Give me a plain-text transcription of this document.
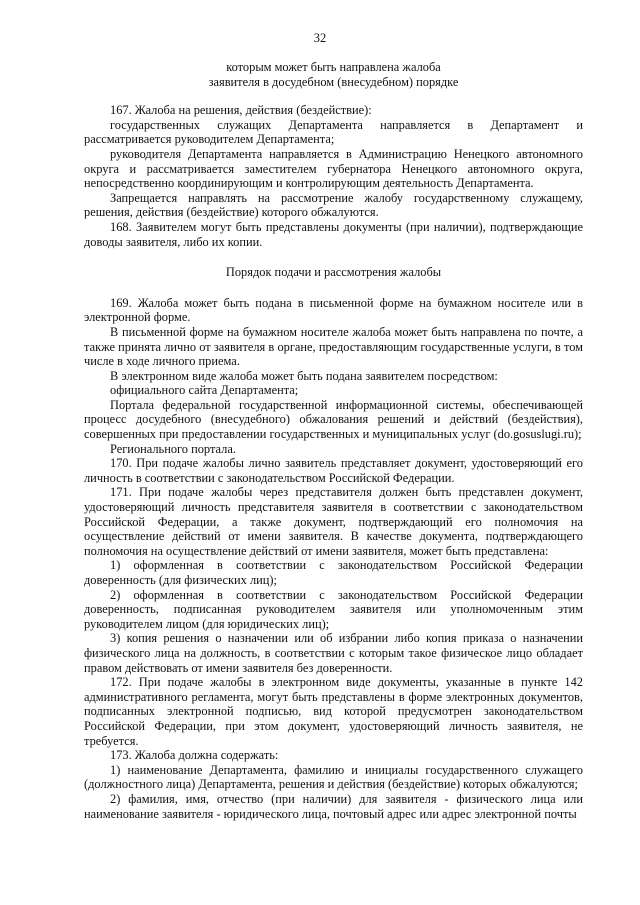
32
которым может быть направлена жалоба
заявителя в досудебном (внесудебном) порядке

167. Жалоба на решения, действия (бездействие):

государственных служащих Департамента направляется в Департамент и рассматривается руководителем Департамента;

руководителя Департамента направляется в Администрацию Ненецкого автономного округа и рассматривается заместителем губернатора Ненецкого автономного округа, непосредственно координирующим и контролирующим деятельность Департамента.

Запрещается направлять на рассмотрение жалобу государственному служащему, решения, действия (бездействие) которого обжалуются.

168. Заявителем могут быть представлены документы (при наличии), подтверждающие доводы заявителя, либо их копии.

Порядок подачи и рассмотрения жалобы

169. Жалоба может быть подана в письменной форме на бумажном носителе или в электронной форме.

В письменной форме на бумажном носителе жалоба может быть направлена по почте, а также принята лично от заявителя в органе, предоставляющим государственные услуги, в том числе в ходе личного приема.

В электронном виде жалоба может быть подана заявителем посредством:

официального сайта Департамента;

Портала федеральной государственной информационной системы, обеспечивающей процесс досудебного (внесудебного) обжалования решений и действий (бездействия), совершенных при предоставлении государственных и муниципальных услуг (do.gosuslugi.ru);

Регионального портала.

170. При подаче жалобы лично заявитель представляет документ, удостоверяющий его личность в соответствии с законодательством Российской Федерации.

171. При подаче жалобы через представителя должен быть представлен документ, удостоверяющий личность представителя заявителя в соответствии с законодательством Российской Федерации, а также документ, подтверждающий его полномочия на осуществление действий от имени заявителя. В качестве документа, подтверждающего полномочия на осуществление действий от имени заявителя, может быть представлена:

1) оформленная в соответствии с законодательством Российской Федерации доверенность (для физических лиц);

2) оформленная в соответствии с законодательством Российской Федерации доверенность, подписанная руководителем заявителя или уполномоченным этим руководителем лицом (для юридических лиц);

3) копия решения о назначении или об избрании либо копия приказа о назначении физического лица на должность, в соответствии с которым такое физическое лицо обладает правом действовать от имени заявителя без доверенности.

172. При подаче жалобы в электронном виде документы, указанные в пункте 142 административного регламента, могут быть представлены в форме электронных документов, подписанных электронной подписью, вид которой предусмотрен законодательством Российской Федерации, при этом документ, удостоверяющий личность заявителя, не требуется.

173. Жалоба должна содержать:

1) наименование Департамента, фамилию и инициалы государственного служащего (должностного лица) Департамента, решения и действия (бездействие) которых обжалуются;

2) фамилия, имя, отчество (при наличии) для заявителя - физического лица или наименование заявителя - юридического лица, почтовый адрес или адрес электронной почты
